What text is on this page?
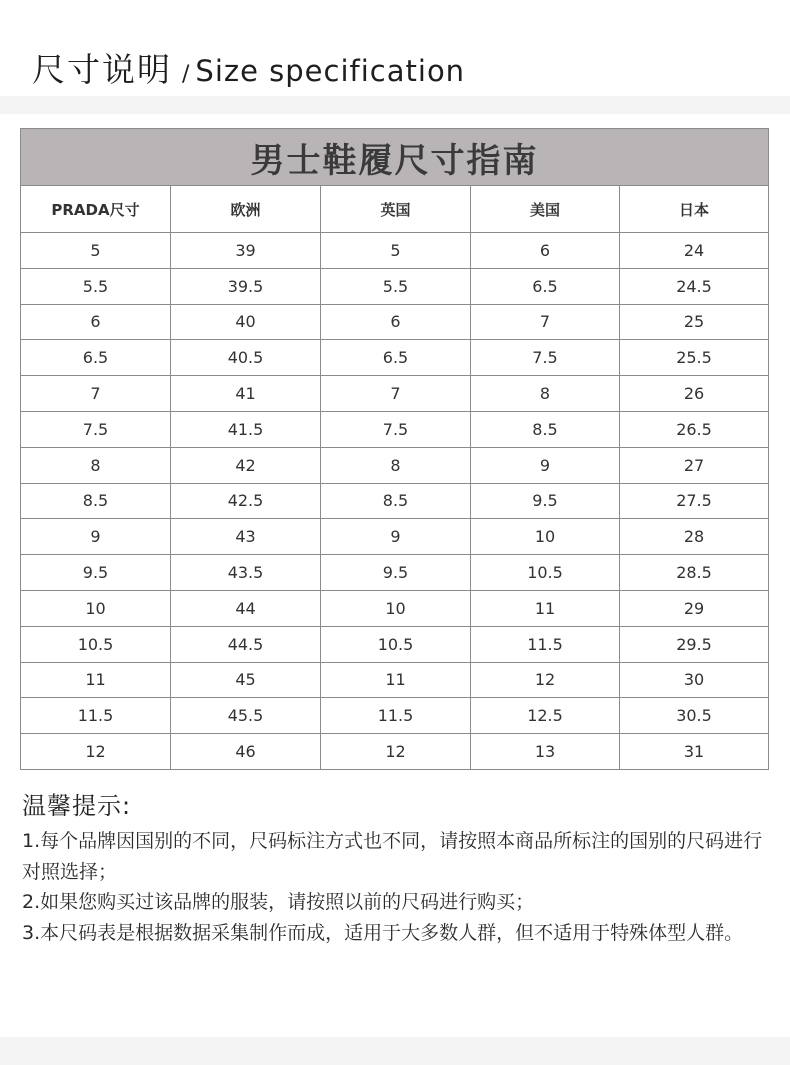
尺寸说明 / Size specification
男士鞋履尺寸指南				
PRADA尺寸	欧洲	英国	美国	日本
5	39	5	6	24
5.5	39.5	5.5	6.5	24.5
6	40	6	7	25
6.5	40.5	6.5	7.5	25.5
7	41	7	8	26
7.5	41.5	7.5	8.5	26.5
8	42	8	9	27
8.5	42.5	8.5	9.5	27.5
9	43	9	10	28
9.5	43.5	9.5	10.5	28.5
10	44	10	11	29
10.5	44.5	10.5	11.5	29.5
11	45	11	12	30
11.5	45.5	11.5	12.5	30.5
12	46	12	13	31
温馨提示:

1.每个品牌因国别的不同，尺码标注方式也不同，请按照本商品所标注的国别的尺码进行对照选择；

2.如果您购买过该品牌的服装，请按照以前的尺码进行购买；

3.本尺码表是根据数据采集制作而成，适用于大多数人群，但不适用于特殊体型人群。
